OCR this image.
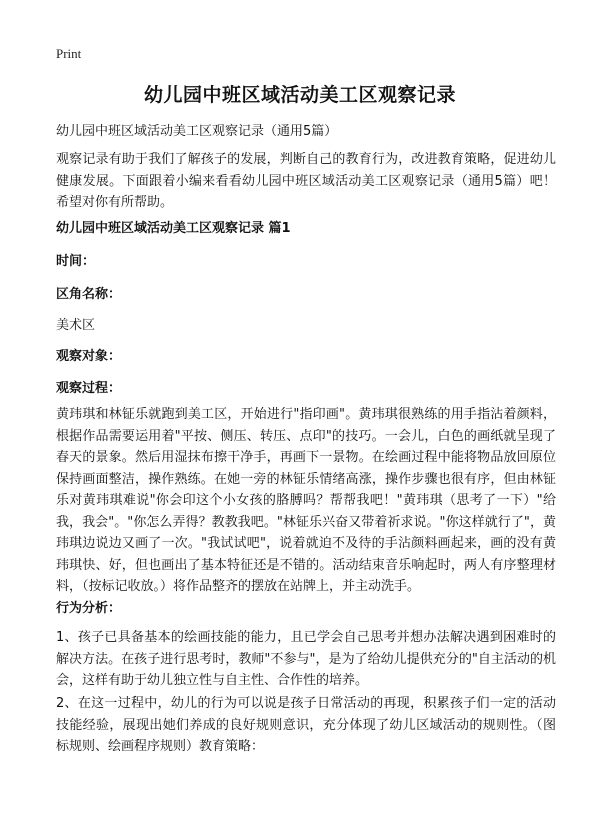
Print
幼儿园中班区域活动美工区观察记录
幼儿园中班区域活动美工区观察记录（通用5篇）

观察记录有助于我们了解孩子的发展，判断自己的教育行为，改进教育策略，促进幼儿健康发展。下面跟着小编来看看幼儿园中班区域活动美工区观察记录（通用5篇）吧！希望对你有所帮助。

幼儿园中班区域活动美工区观察记录 篇1
时间：
区角名称：
美术区
观察对象：
观察过程：

黄玮琪和林钲乐就跑到美工区，开始进行"指印画"。黄玮琪很熟练的用手指沾着颜料，根据作品需要运用着"平按、侧压、转压、点印"的技巧。一会儿，白色的画纸就呈现了春天的景象。然后用湿抹布擦干净手，再画下一景物。在绘画过程中能将物品放回原位保持画面整洁，操作熟练。在她一旁的林钲乐情绪高涨，操作步骤也很有序，但由林钲乐对黄玮琪难说"你会印这个小女孩的胳膊吗？帮帮我吧！"黄玮琪（思考了一下）"给我，我会"。"你怎么弄得？教教我吧。"林钲乐兴奋又带着祈求说。"你这样就行了"，黄玮琪边说边又画了一次。"我试试吧"，说着就迫不及待的手沾颜料画起来，画的没有黄玮琪快、好，但也画出了基本特征还是不错的。活动结束音乐响起时，两人有序整理材料，（按标记收放。）将作品整齐的摆放在站牌上，并主动洗手。

行为分析：

1、孩子已具备基本的绘画技能的能力，且已学会自己思考并想办法解决遇到困难时的解决方法。在孩子进行思考时，教师"不参与"，是为了给幼儿提供充分的"自主活动的机会，这样有助于幼儿独立性与自主性、合作性的培养。

2、在这一过程中，幼儿的行为可以说是孩子日常活动的再现，积累孩子们一定的活动技能经验，展现出她们养成的良好规则意识，充分体现了幼儿区域活动的规则性。（图标规则、绘画程序规则）教育策略：
